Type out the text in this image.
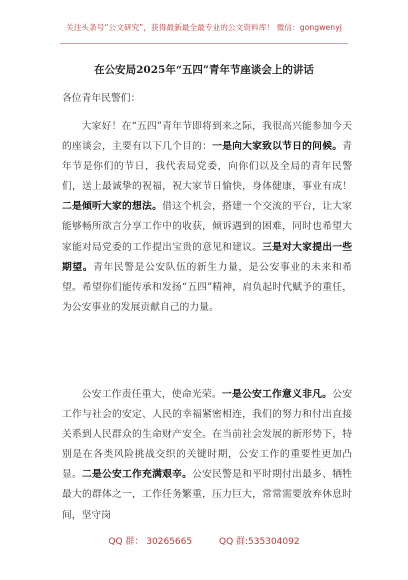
关注头条号“公文研究”，获得最新最全最专业的公文资料库！ 微信：gongwenyj
在公安局2025年“五四”青年节座谈会上的讲话
各位青年民警们：

大家好！在“五四”青年节即将到来之际，我很高兴能参加今天的座谈会，主要有以下几个目的：一是向大家致以节日的问候。青年节是你们的节日，我代表局党委，向你们以及全局的青年民警们，送上最诚挚的祝福，祝大家节日愉快，身体健康，事业有成！二是倾听大家的想法。借这个机会，搭建一个交流的平台，让大家能够畅所欲言分享工作中的收获，倾诉遇到的困难，同时也希望大家能对局党委的工作提出宝贵的意见和建议。三是对大家提出一些期望。青年民警是公安队伍的新生力量，是公安事业的未来和希望。希望你们能传承和发扬“五四”精神，肩负起时代赋予的重任，为公安事业的发展贡献自己的力量。

公安工作责任重大，使命光荣。一是公安工作意义非凡。公安工作与社会的安定、人民的幸福紧密相连，我们的努力和付出直接关系到人民群众的生命财产安全。在当前社会发展的新形势下，特别是在各类风险挑战交织的关键时期，公安工作的重要性更加凸显。二是公安工作充满艰辛。公安民警是和平时期付出最多、牺牲最大的群体之一，工作任务繁重，压力巨大，常常需要放弃休息时间，坚守岗

QQ 群： 30265665	QQ 群:535304092
